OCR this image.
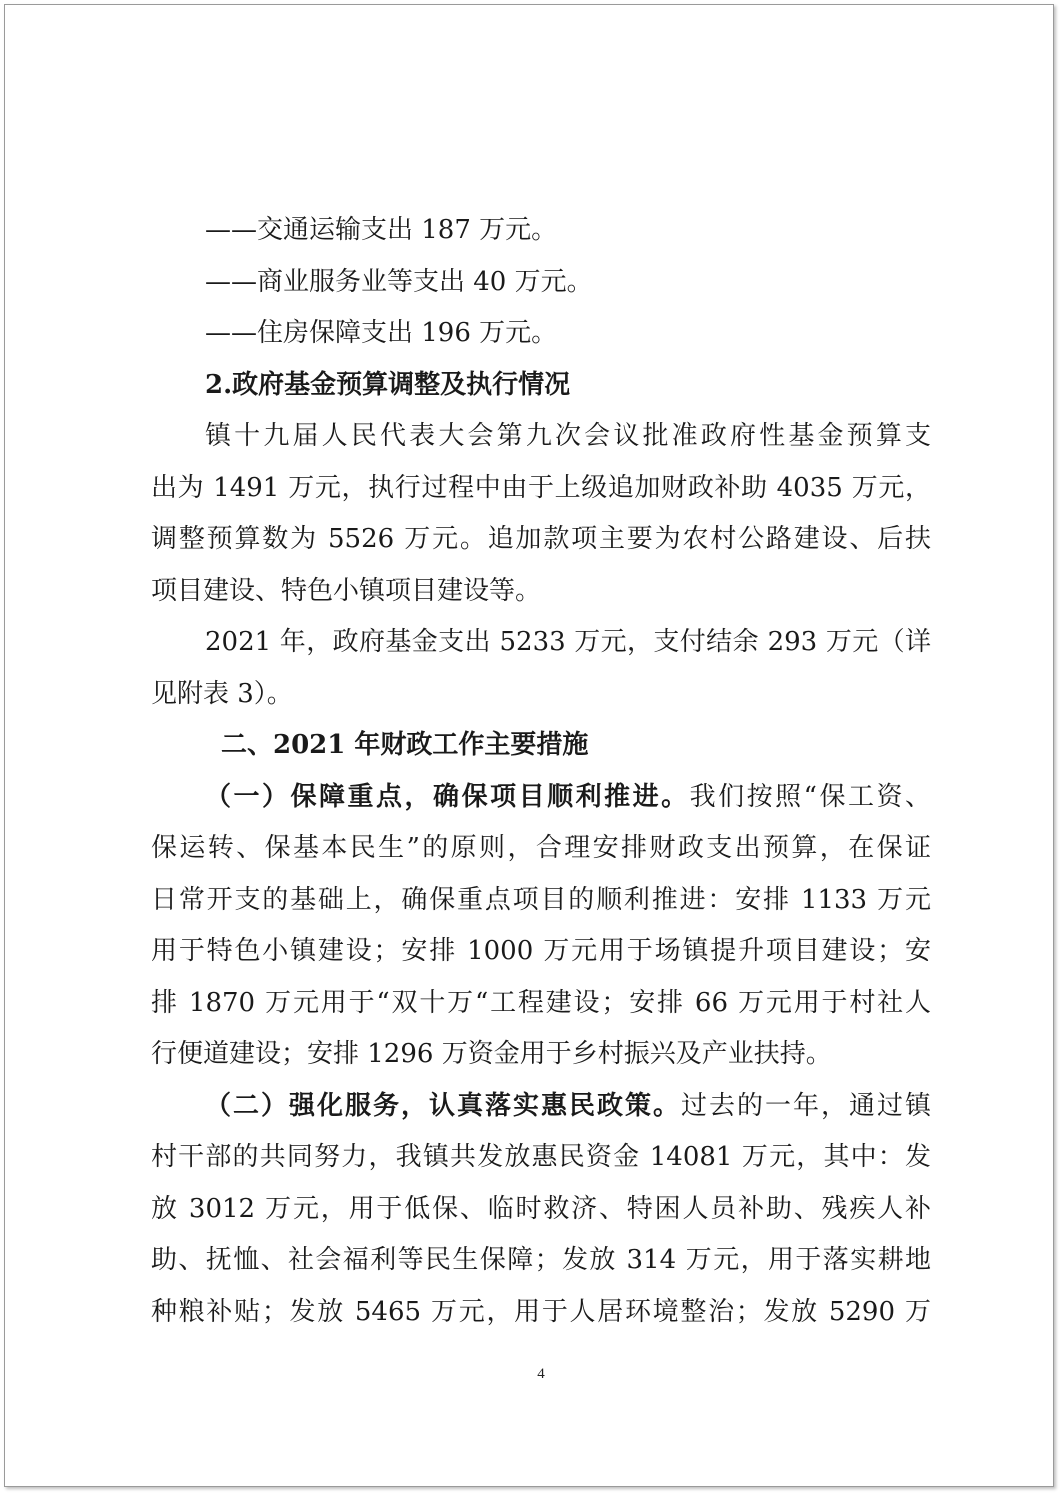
——交通运输支出 187 万元。

——商业服务业等支出 40 万元。

——住房保障支出 196 万元。

2.政府基金预算调整及执行情况

镇十九届人民代表大会第九次会议批准政府性基金预算支

出为 1491 万元，执行过程中由于上级追加财政补助 4035 万元，

调整预算数为 5526 万元。追加款项主要为农村公路建设、后扶

项目建设、特色小镇项目建设等。

2021 年，政府基金支出 5233 万元，支付结余 293 万元（详

见附表 3）。

二、2021 年财政工作主要措施

（一）保障重点，确保项目顺利推进。我们按照“保工资、

保运转、保基本民生”的原则，合理安排财政支出预算，在保证

日常开支的基础上，确保重点项目的顺利推进：安排 1133 万元

用于特色小镇建设；安排 1000 万元用于场镇提升项目建设；安

排 1870 万元用于“双十万“工程建设；安排 66 万元用于村社人

行便道建设；安排 1296 万资金用于乡村振兴及产业扶持。

（二）强化服务，认真落实惠民政策。过去的一年，通过镇

村干部的共同努力，我镇共发放惠民资金 14081 万元，其中：发

放 3012 万元，用于低保、临时救济、特困人员补助、残疾人补

助、抚恤、社会福利等民生保障；发放 314 万元，用于落实耕地

种粮补贴；发放 5465 万元，用于人居环境整治；发放 5290 万

4
